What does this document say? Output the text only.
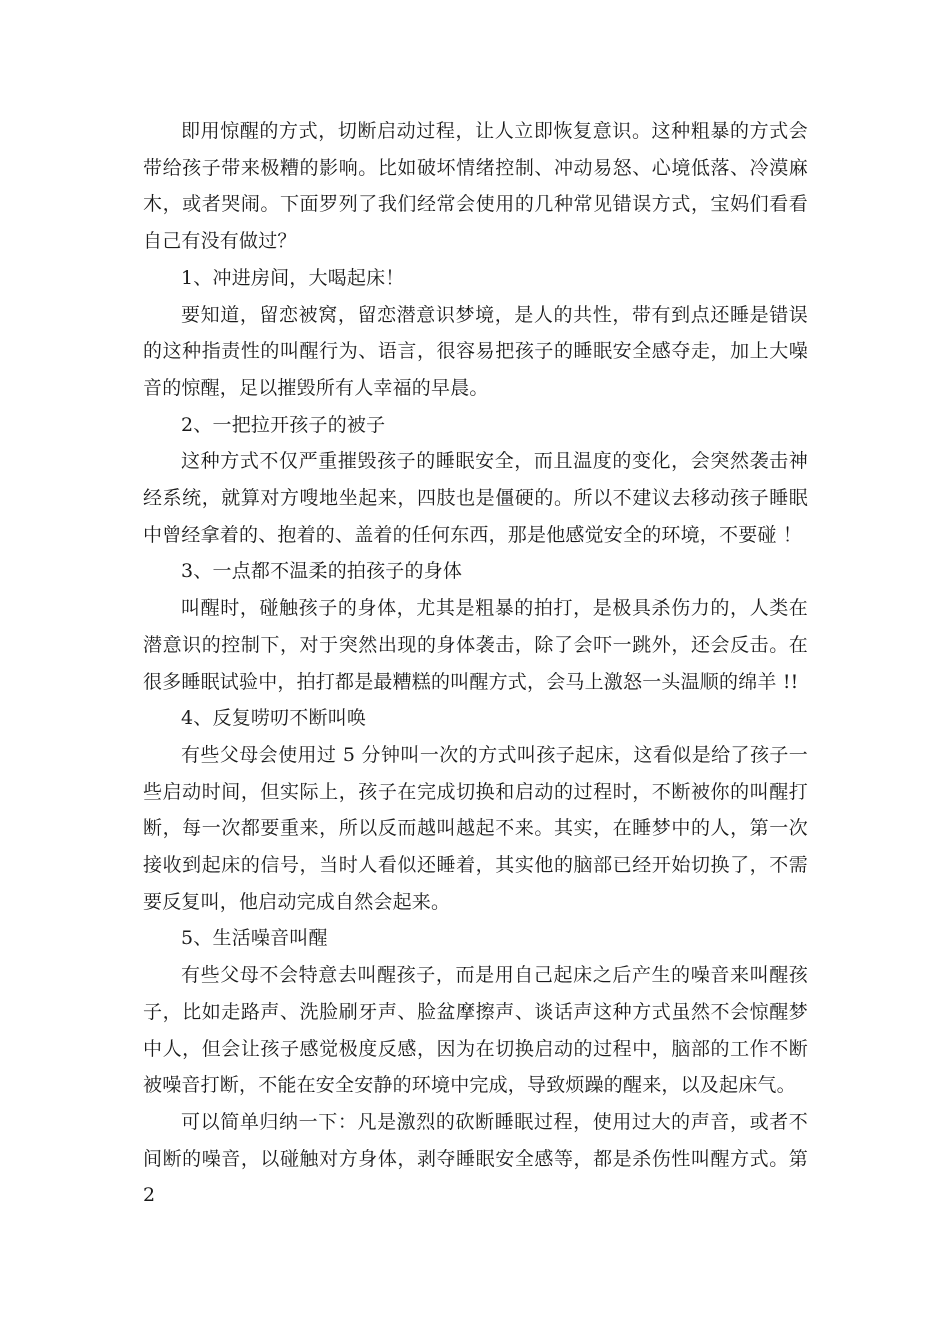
即用惊醒的方式，切断启动过程，让人立即恢复意识。这种粗暴的方式会带给孩子带来极糟的影响。比如破坏情绪控制、冲动易怒、心境低落、冷漠麻木，或者哭闹。下面罗列了我们经常会使用的几种常见错误方式，宝妈们看看自己有没有做过？

1、冲进房间，大喝起床！

要知道，留恋被窝，留恋潜意识梦境，是人的共性，带有到点还睡是错误的这种指责性的叫醒行为、语言，很容易把孩子的睡眠安全感夺走，加上大噪音的惊醒，足以摧毁所有人幸福的早晨。

2、一把拉开孩子的被子

这种方式不仅严重摧毁孩子的睡眠安全，而且温度的变化，会突然袭击神经系统，就算对方嗖地坐起来，四肢也是僵硬的。所以不建议去移动孩子睡眠中曾经拿着的、抱着的、盖着的任何东西，那是他感觉安全的环境，不要碰 ！

3、一点都不温柔的拍孩子的身体

叫醒时，碰触孩子的身体，尤其是粗暴的拍打，是极具杀伤力的，人类在潜意识的控制下，对于突然出现的身体袭击，除了会吓一跳外，还会反击。在很多睡眠试验中，拍打都是最糟糕的叫醒方式，会马上激怒一头温顺的绵羊 !!

4、反复唠叨不断叫唤

有些父母会使用过 5 分钟叫一次的方式叫孩子起床，这看似是给了孩子一些启动时间，但实际上，孩子在完成切换和启动的过程时，不断被你的叫醒打断，每一次都要重来，所以反而越叫越起不来。其实，在睡梦中的人，第一次接收到起床的信号，当时人看似还睡着，其实他的脑部已经开始切换了，不需要反复叫，他启动完成自然会起来。

5、生活噪音叫醒

有些父母不会特意去叫醒孩子，而是用自己起床之后产生的噪音来叫醒孩子，比如走路声、洗脸刷牙声、脸盆摩擦声、谈话声这种方式虽然不会惊醒梦中人，但会让孩子感觉极度反感，因为在切换启动的过程中，脑部的工作不断被噪音打断，不能在安全安静的环境中完成，导致烦躁的醒来，以及起床气。

可以简单归纳一下：凡是激烈的砍断睡眠过程，使用过大的声音，或者不间断的噪音，以碰触对方身体，剥夺睡眠安全感等，都是杀伤性叫醒方式。第 2
